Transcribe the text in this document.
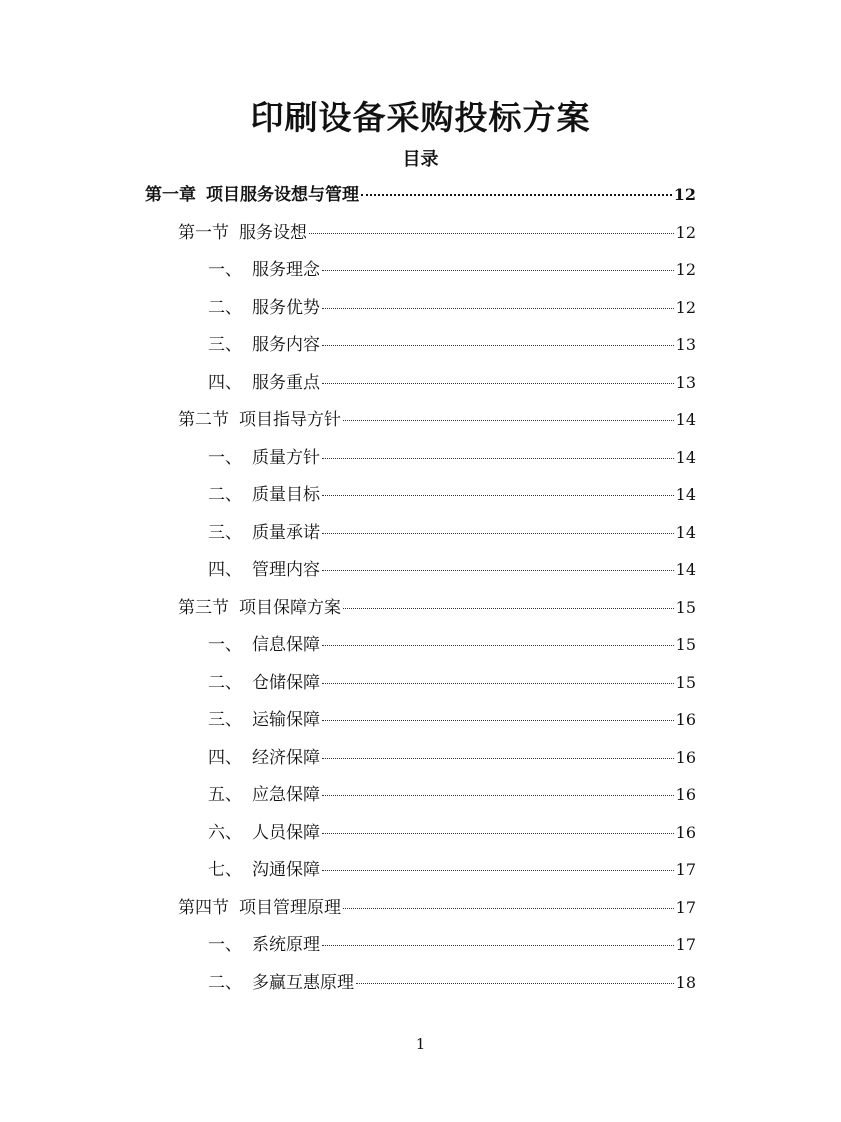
印刷设备采购投标方案
目录
第一章 项目服务设想与管理	12
第一节 服务设想	12
一、 服务理念	12
二、 服务优势	12
三、 服务内容	13
四、 服务重点	13
第二节 项目指导方针	14
一、 质量方针	14
二、 质量目标	14
三、 质量承诺	14
四、 管理内容	14
第三节 项目保障方案	15
一、 信息保障	15
二、 仓储保障	15
三、 运输保障	16
四、 经济保障	16
五、 应急保障	16
六、 人员保障	16
七、 沟通保障	17
第四节 项目管理原理	17
一、 系统原理	17
二、 多赢互惠原理	18
1
